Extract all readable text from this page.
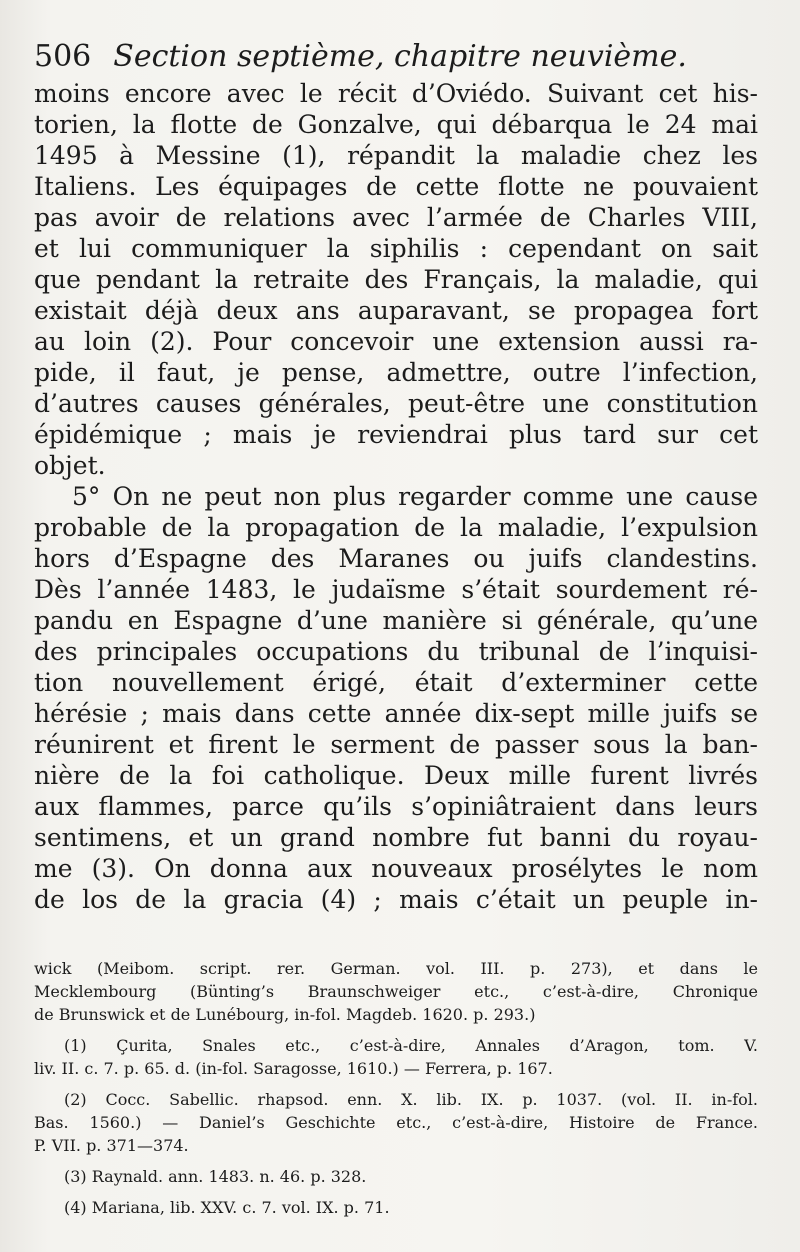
506 Section septième, chapitre neuvième.
moins encore avec le récit d’Oviédo. Suivant cet his-
torien, la flotte de Gonzalve, qui débarqua le 24 mai
1495 à Messine (1), répandit la maladie chez les
Italiens. Les équipages de cette flotte ne pouvaient
pas avoir de relations avec l’armée de Charles VIII,
et lui communiquer la siphilis : cependant on sait
que pendant la retraite des Français, la maladie, qui
existait déjà deux ans auparavant, se propagea fort
au loin (2). Pour concevoir une extension aussi ra-
pide, il faut, je pense, admettre, outre l’infection,
d’autres causes générales, peut-être une constitution
épidémique ; mais je reviendrai plus tard sur cet
objet.
5° On ne peut non plus regarder comme une cause
probable de la propagation de la maladie, l’expulsion
hors d’Espagne des Maranes ou juifs clandestins.
Dès l’année 1483, le judaïsme s’était sourdement ré-
pandu en Espagne d’une manière si générale, qu’une
des principales occupations du tribunal de l’inquisi-
tion nouvellement érigé, était d’exterminer cette
hérésie ; mais dans cette année dix-sept mille juifs se
réunirent et firent le serment de passer sous la ban-
nière de la foi catholique. Deux mille furent livrés
aux flammes, parce qu’ils s’opiniâtraient dans leurs
sentimens, et un grand nombre fut banni du royau-
me (3). On donna aux nouveaux prosélytes le nom
de los de la gracia (4) ; mais c’était un peuple in-
wick (Meibom. script. rer. German. vol. III. p. 273), et dans le
Mecklembourg (Bünting’s Braunschweiger etc., c’est-à-dire, Chronique
de Brunswick et de Lunébourg, in-fol. Magdeb. 1620. p. 293.)
(1) Çurita, Snales etc., c’est-à-dire, Annales d’Aragon, tom. V.
liv. II. c. 7. p. 65. d. (in-fol. Saragosse, 1610.) — Ferrera, p. 167.
(2) Cocc. Sabellic. rhapsod. enn. X. lib. IX. p. 1037. (vol. II. in-fol.
Bas. 1560.) — Daniel’s Geschichte etc., c’est-à-dire, Histoire de France.
P. VII. p. 371—374.
(3) Raynald. ann. 1483. n. 46. p. 328.
(4) Mariana, lib. XXV. c. 7. vol. IX. p. 71.
